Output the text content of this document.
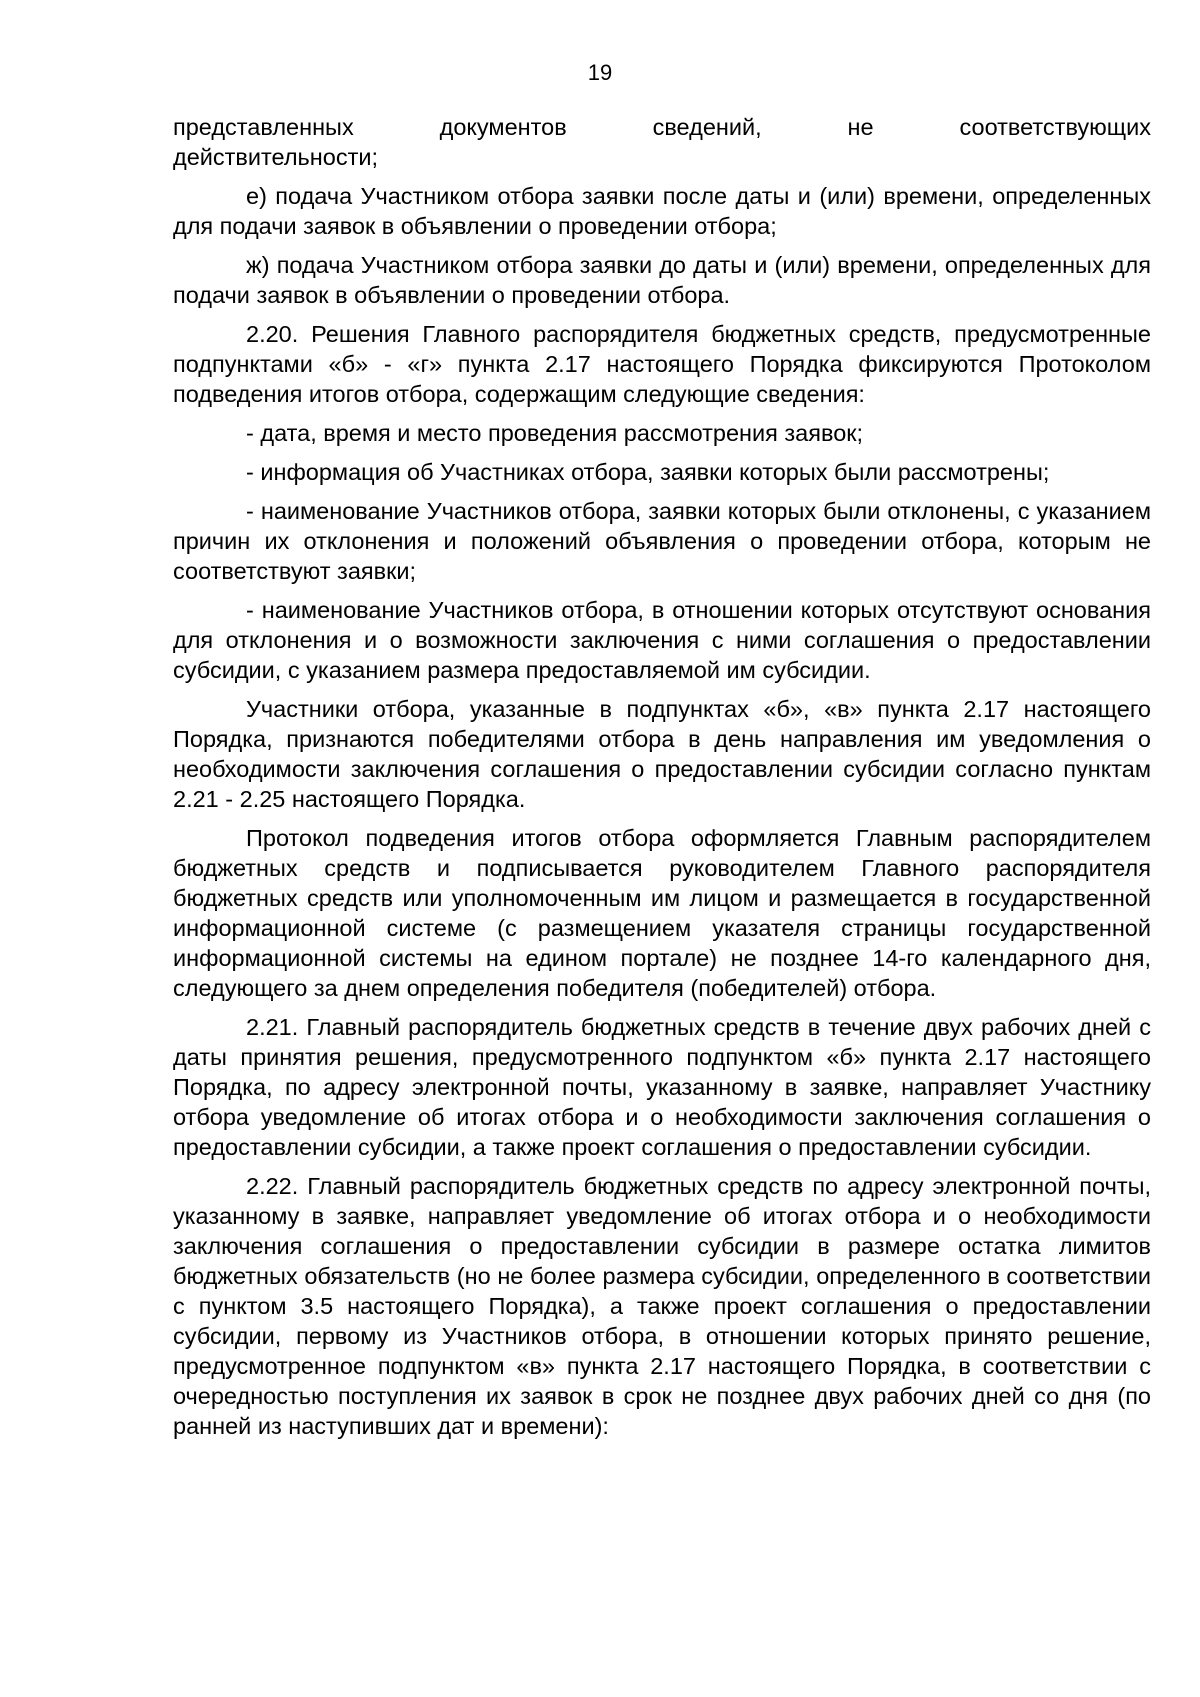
19

представленных документов сведений, не соответствующих

действительности;

е) подача Участником отбора заявки после даты и (или) времени, определенных для подачи заявок в объявлении о проведении отбора;

ж) подача Участником отбора заявки до даты и (или) времени, определенных для подачи заявок в объявлении о проведении отбора.

2.20. Решения Главного распорядителя бюджетных средств, предусмотренные подпунктами «б» - «г» пункта 2.17 настоящего Порядка фиксируются Протоколом подведения итогов отбора, содержащим следующие сведения:

- дата, время и место проведения рассмотрения заявок;

- информация об Участниках отбора, заявки которых были рассмотрены;

- наименование Участников отбора, заявки которых были отклонены, с указанием причин их отклонения и положений объявления о проведении отбора, которым не соответствуют заявки;

- наименование Участников отбора, в отношении которых отсутствуют основания для отклонения и о возможности заключения с ними соглашения о предоставлении субсидии, с указанием размера предоставляемой им субсидии.

Участники отбора, указанные в подпунктах «б», «в» пункта 2.17 настоящего Порядка, признаются победителями отбора в день направления им уведомления о необходимости заключения соглашения о предоставлении субсидии согласно пунктам 2.21 - 2.25 настоящего Порядка.

Протокол подведения итогов отбора оформляется Главным распорядителем бюджетных средств и подписывается руководителем Главного распорядителя бюджетных средств или уполномоченным им лицом и размещается в государственной информационной системе (с размещением указателя страницы государственной информационной системы на едином портале) не позднее 14-го календарного дня, следующего за днем определения победителя (победителей) отбора.

2.21. Главный распорядитель бюджетных средств в течение двух рабочих дней с даты принятия решения, предусмотренного подпунктом «б» пункта 2.17 настоящего Порядка, по адресу электронной почты, указанному в заявке, направляет Участнику отбора уведомление об итогах отбора и о необходимости заключения соглашения о предоставлении субсидии, а также проект соглашения о предоставлении субсидии.

2.22. Главный распорядитель бюджетных средств по адресу электронной почты, указанному в заявке, направляет уведомление об итогах отбора и о необходимости заключения соглашения о предоставлении субсидии в размере остатка лимитов бюджетных обязательств (но не более размера субсидии, определенного в соответствии с пунктом 3.5 настоящего Порядка), а также проект соглашения о предоставлении субсидии, первому из Участников отбора, в отношении которых принято решение, предусмотренное подпунктом «в» пункта 2.17 настоящего Порядка, в соответствии с очередностью поступления их заявок в срок не позднее двух рабочих дней со дня (по ранней из наступивших дат и времени):
